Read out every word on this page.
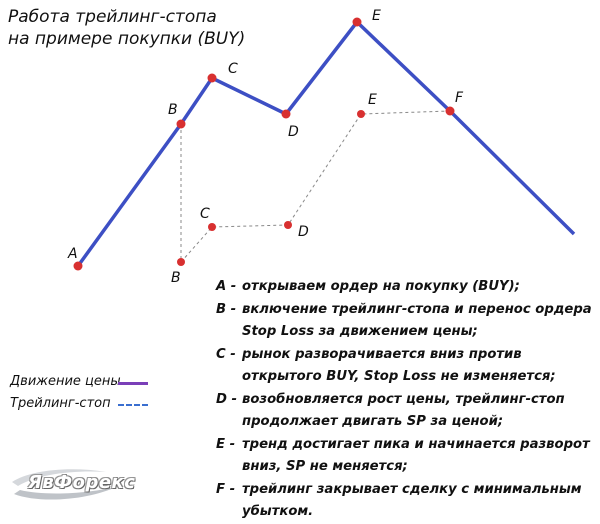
Работа трейлинг-стопа
на примере покупки (BUY)
A
B
C
D
E
F
B
C
D
E
Движение цены
Трейлинг-стоп
A - открываем ордер на покупку (BUY);
B - включение трейлинг-стопа и перенос ордера Stop Loss за движением цены;
C - рынок разворачивается вниз против открытого BUY, Stop Loss не изменяется;
D - возобновляется рост цены, трейлинг-стоп продолжает двигать SP за ценой;
E - тренд достигает пика и начинается разворот вниз, SP не меняется;
F - трейлинг закрывает сделку с минимальным убытком.
ЯвФорекс
